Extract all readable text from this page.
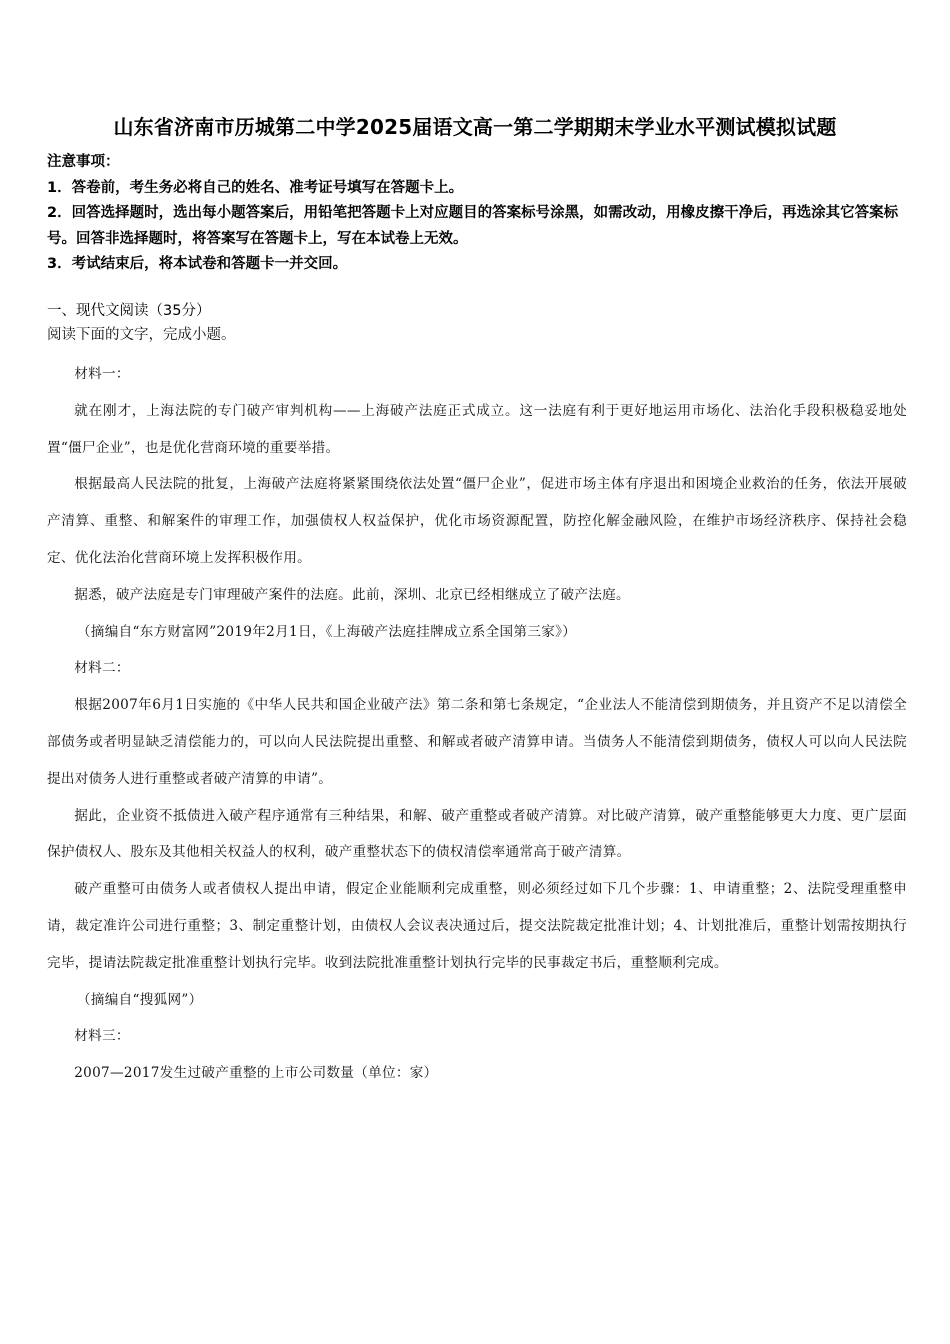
山东省济南市历城第二中学2025届语文高一第二学期期末学业水平测试模拟试题

注意事项：

1．答卷前，考生务必将自己的姓名、准考证号填写在答题卡上。

2．回答选择题时，选出每小题答案后，用铅笔把答题卡上对应题目的答案标号涂黑，如需改动，用橡皮擦干净后，再选涂其它答案标号。回答非选择题时，将答案写在答题卡上，写在本试卷上无效。

3．考试结束后，将本试卷和答题卡一并交回。

一、现代文阅读（35分）
阅读下面的文字，完成小题。

材料一：

就在刚才，上海法院的专门破产审判机构——上海破产法庭正式成立。这一法庭有利于更好地运用市场化、法治化手段积极稳妥地处置“僵尸企业”，也是优化营商环境的重要举措。

根据最高人民法院的批复，上海破产法庭将紧紧围绕依法处置“僵尸企业”，促进市场主体有序退出和困境企业救治的任务，依法开展破产清算、重整、和解案件的审理工作，加强债权人权益保护，优化市场资源配置，防控化解金融风险，在维护市场经济秩序、保持社会稳定、优化法治化营商环境上发挥积极作用。

据悉，破产法庭是专门审理破产案件的法庭。此前，深圳、北京已经相继成立了破产法庭。

（摘编自“东方财富网”2019年2月1日，《上海破产法庭挂牌成立系全国第三家》）

材料二：

根据2007年6月1日实施的《中华人民共和国企业破产法》第二条和第七条规定，“企业法人不能清偿到期债务，并且资产不足以清偿全部债务或者明显缺乏清偿能力的，可以向人民法院提出重整、和解或者破产清算申请。当债务人不能清偿到期债务，债权人可以向人民法院提出对债务人进行重整或者破产清算的申请”。

据此，企业资不抵债进入破产程序通常有三种结果，和解、破产重整或者破产清算。对比破产清算，破产重整能够更大力度、更广层面保护债权人、股东及其他相关权益人的权利，破产重整状态下的债权清偿率通常高于破产清算。

破产重整可由债务人或者债权人提出申请，假定企业能顺利完成重整，则必须经过如下几个步骤：1、申请重整；2、法院受理重整申请，裁定准许公司进行重整；3、制定重整计划，由债权人会议表决通过后，提交法院裁定批准计划；4、计划批准后，重整计划需按期执行完毕，提请法院裁定批准重整计划执行完毕。收到法院批准重整计划执行完毕的民事裁定书后，重整顺利完成。

（摘编自“搜狐网”）

材料三：

2007—2017发生过破产重整的上市公司数量（单位：家）
